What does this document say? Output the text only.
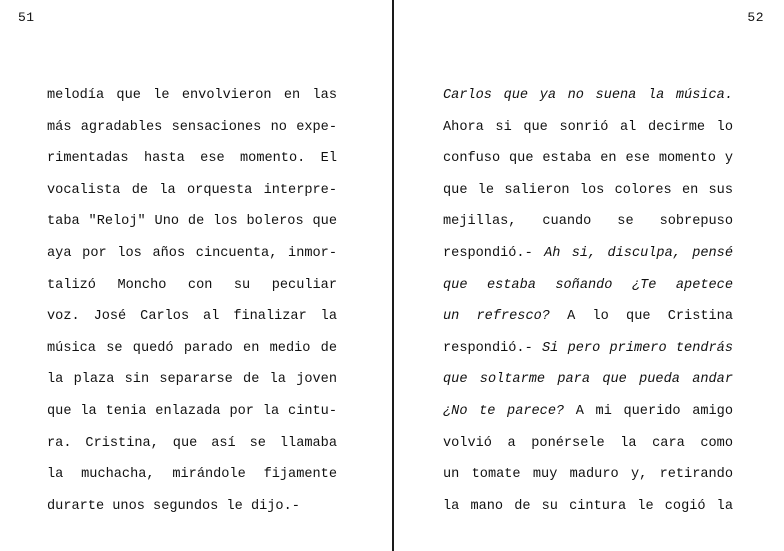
51
melodía que le envolvieron en las
más agradables sensaciones no expe-
rimentadas hasta ese momento. El
vocalista de la orquesta interpre-
taba "Reloj" Uno de los boleros que
aya por los años cincuenta, inmor-
talizó Moncho con su peculiar
voz. José Carlos al finalizar la
música se quedó parado en medio de
la plaza sin separarse de la joven
que la tenia enlazada por la cintu-
ra. Cristina, que así se llamaba
la muchacha, mirándole fijamente
durarte unos segundos le dijo.-
52
Carlos que ya no suena la música.
Ahora si que sonrió al decirme lo
confuso que estaba en ese momento y
que le salieron los colores en sus
mejillas, cuando se sobrepuso
respondió.- Ah si, disculpa, pensé
que estaba soñando ¿Te apetece
un refresco? A lo que Cristina
respondió.- Si pero primero tendrás
que soltarme para que pueda andar
¿No te parece? A mi querido amigo
volvió a ponérsele la cara como
un tomate muy maduro y, retirando
la mano de su cintura le cogió la
